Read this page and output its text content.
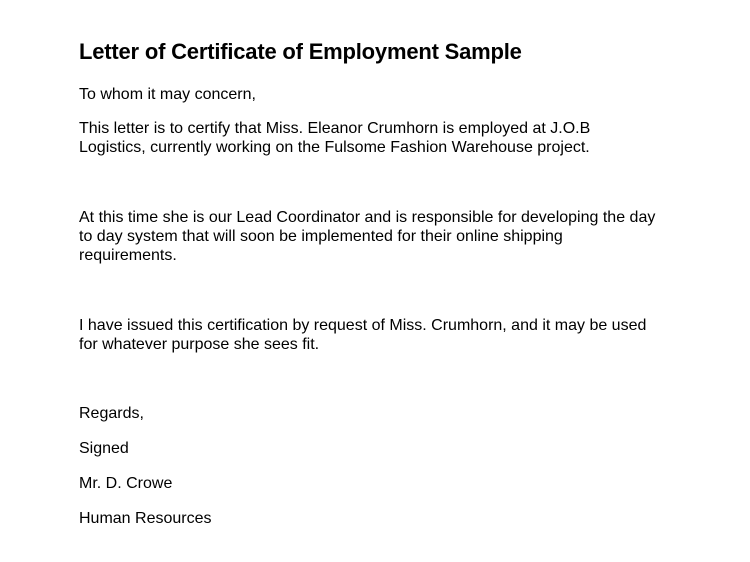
Letter of Certificate of Employment Sample

To whom it may concern,

This letter is to certify that Miss. Eleanor Crumhorn is employed at J.O.B
Logistics, currently working on the Fulsome Fashion Warehouse project.

At this time she is our Lead Coordinator and is responsible for developing the day
to day system that will soon be implemented for their online shipping
requirements.

I have issued this certification by request of Miss. Crumhorn, and it may be used
for whatever purpose she sees fit.

Regards,

Signed

Mr. D. Crowe

Human Resources
